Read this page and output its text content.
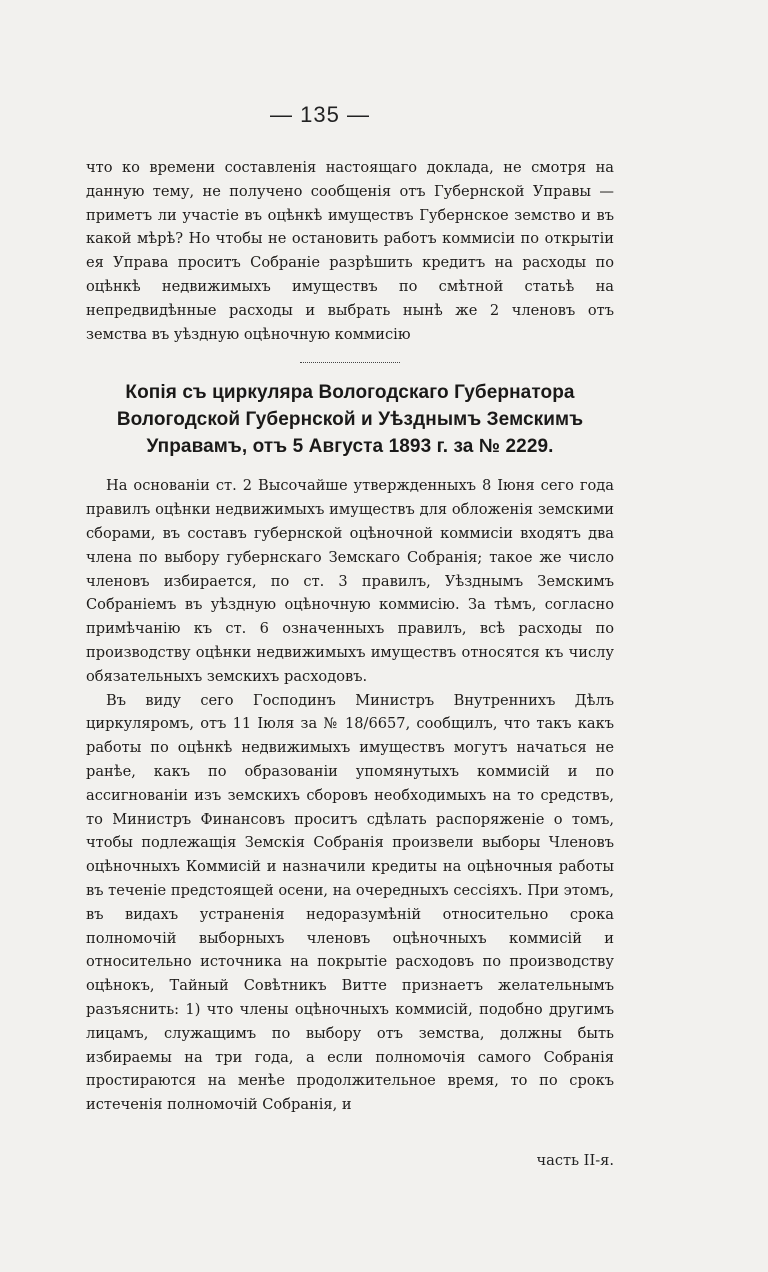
— 135 —

что ко времени составленія настоящаго доклада, не смотря на данную тему, не получено сообщенія отъ Губернской Управы — приметъ ли участіе въ оцѣнкѣ имуществъ Губернское земство и въ какой мѣрѣ? Но чтобы не остановить работъ коммисіи по открытіи ея Управа проситъ Собраніе разрѣшить кредитъ на расходы по оцѣнкѣ недвижимыхъ имуществъ по смѣтной статьѣ на непредвидѣнные расходы и выбрать нынѣ же 2 членовъ отъ земства въ уѣздную оцѣночную коммисію

Копія съ циркуляра Вологодскаго Губернатора Вологодской Губернской и Уѣзднымъ Земскимъ Управамъ, отъ 5 Августа 1893 г. за № 2229.

На основаніи ст. 2 Высочайшe утвержденныхъ 8 Іюня сего года правилъ оцѣнки недвижимыхъ имуществъ для обложенія земскими сборами, въ составъ губернской оцѣночной коммисіи входятъ два члена по выбору губернскаго Земскаго Собранія; такое же число членовъ избирается, по ст. 3 правилъ, Уѣзднымъ Земскимъ Собраніемъ въ уѣздную оцѣночную коммисію. За тѣмъ, согласно примѣчанію къ ст. 6 означенныхъ правилъ, всѣ расходы по производству оцѣнки недвижимыхъ имуществъ относятся къ числу обязательныхъ земскихъ расходовъ.

Въ виду сего Господинъ Министръ Внутреннихъ Дѣлъ циркуляромъ, отъ 11 Іюля за № 18/6657, сообщилъ, что такъ какъ работы по оцѣнкѣ недвижимыхъ имуществъ могутъ начаться не ранѣе, какъ по образованіи упомянутыхъ коммисій и по ассигнованіи изъ земскихъ сборовъ необходимыхъ на то средствъ, то Министръ Финансовъ проситъ сдѣлать распоряженіе о томъ, чтобы подлежащія Земскія Собранія произвели выборы Членовъ оцѣночныхъ Коммисій и назначили кредиты на оцѣночныя работы въ теченіе предстоящей осени, на очередныхъ сессіяхъ. При этомъ, въ видахъ устраненія недоразумѣній относительно срока полномочій выборныхъ членовъ оцѣночныхъ коммисій и относительно источника на покрытіе расходовъ по производству оцѣнокъ, Тайный Совѣтникъ Витте признаетъ желательнымъ разъяснить: 1) что члены оцѣночныхъ коммисій, подобно другимъ лицамъ, служащимъ по выбору отъ земства, должны быть избираемы на три года, а если полномочія самого Собранія простираются на менѣе продолжительное время, то по срокъ истеченія полномочій Собранія, и

часть II-я.
